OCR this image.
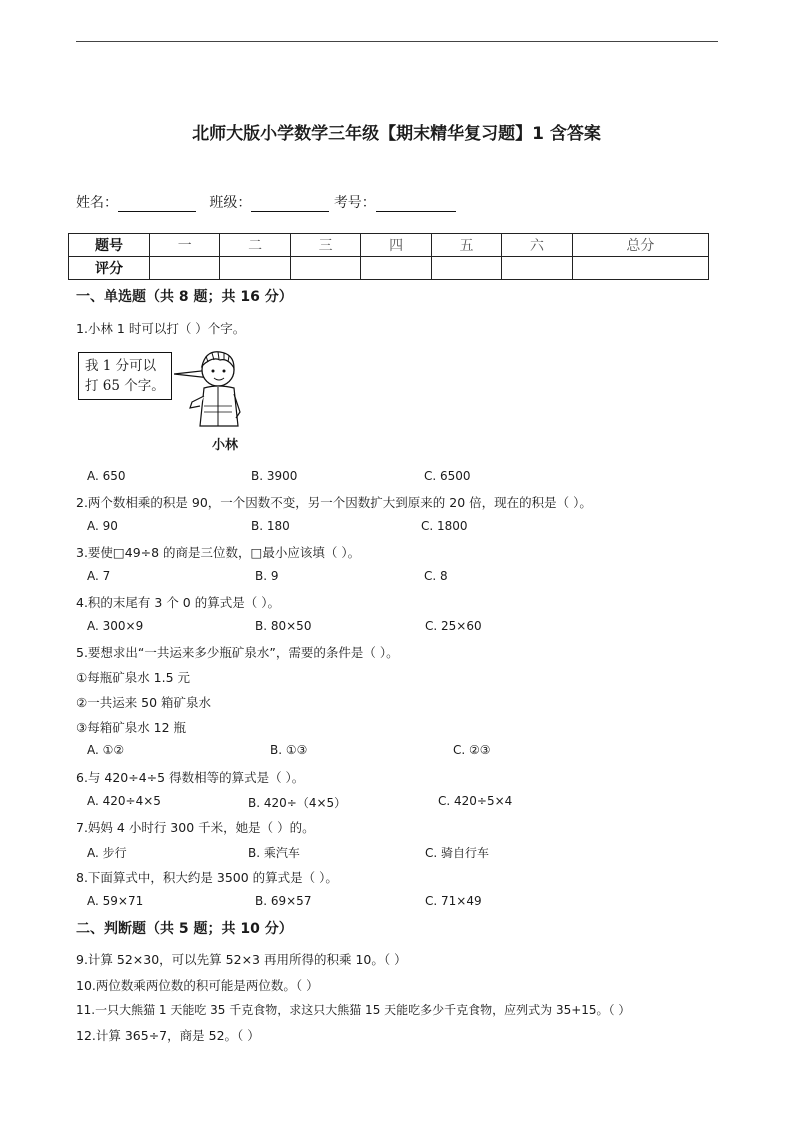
北师大版小学数学三年级【期末精华复习题】1 含答案
姓名：	班级：	考号：
题号	一	二	三	四	五	六	总分
评分							
一、单选题（共 8 题；共 16 分）
1.小林 1 时可以打（ ）个字。
我 1 分可以
打 65 个字。
小林
A. 650	B. 3900	C. 6500
2.两个数相乘的积是 90，一个因数不变，另一个因数扩大到原来的 20 倍，现在的积是（ ）。
A. 90	B. 180	C. 1800
3.要使□49÷8 的商是三位数，□最小应该填（ ）。
A. 7	B. 9	C. 8
4.积的末尾有 3 个 0 的算式是（ ）。
A. 300×9	B. 80×50	C. 25×60
5.要想求出“一共运来多少瓶矿泉水”，需要的条件是（ ）。
①每瓶矿泉水 1.5 元
②一共运来 50 箱矿泉水
③每箱矿泉水 12 瓶
A. ①②	B. ①③	C. ②③
6.与 420÷4÷5 得数相等的算式是（ ）。
A. 420÷4×5	B. 420÷（4×5）	C. 420÷5×4
7.妈妈 4 小时行 300 千米，她是（ ）的。
A. 步行	B. 乘汽车	C. 骑自行车
8.下面算式中，积大约是 3500 的算式是（ ）。
A. 59×71	B. 69×57	C. 71×49
二、判断题（共 5 题；共 10 分）
9.计算 52×30，可以先算 52×3 再用所得的积乘 10。（ ）
10.两位数乘两位数的积可能是两位数。（ ）
11.一只大熊猫 1 天能吃 35 千克食物，求这只大熊猫 15 天能吃多少千克食物，应列式为 35+15。（ ）
12.计算 365÷7，商是 52。（ ）
